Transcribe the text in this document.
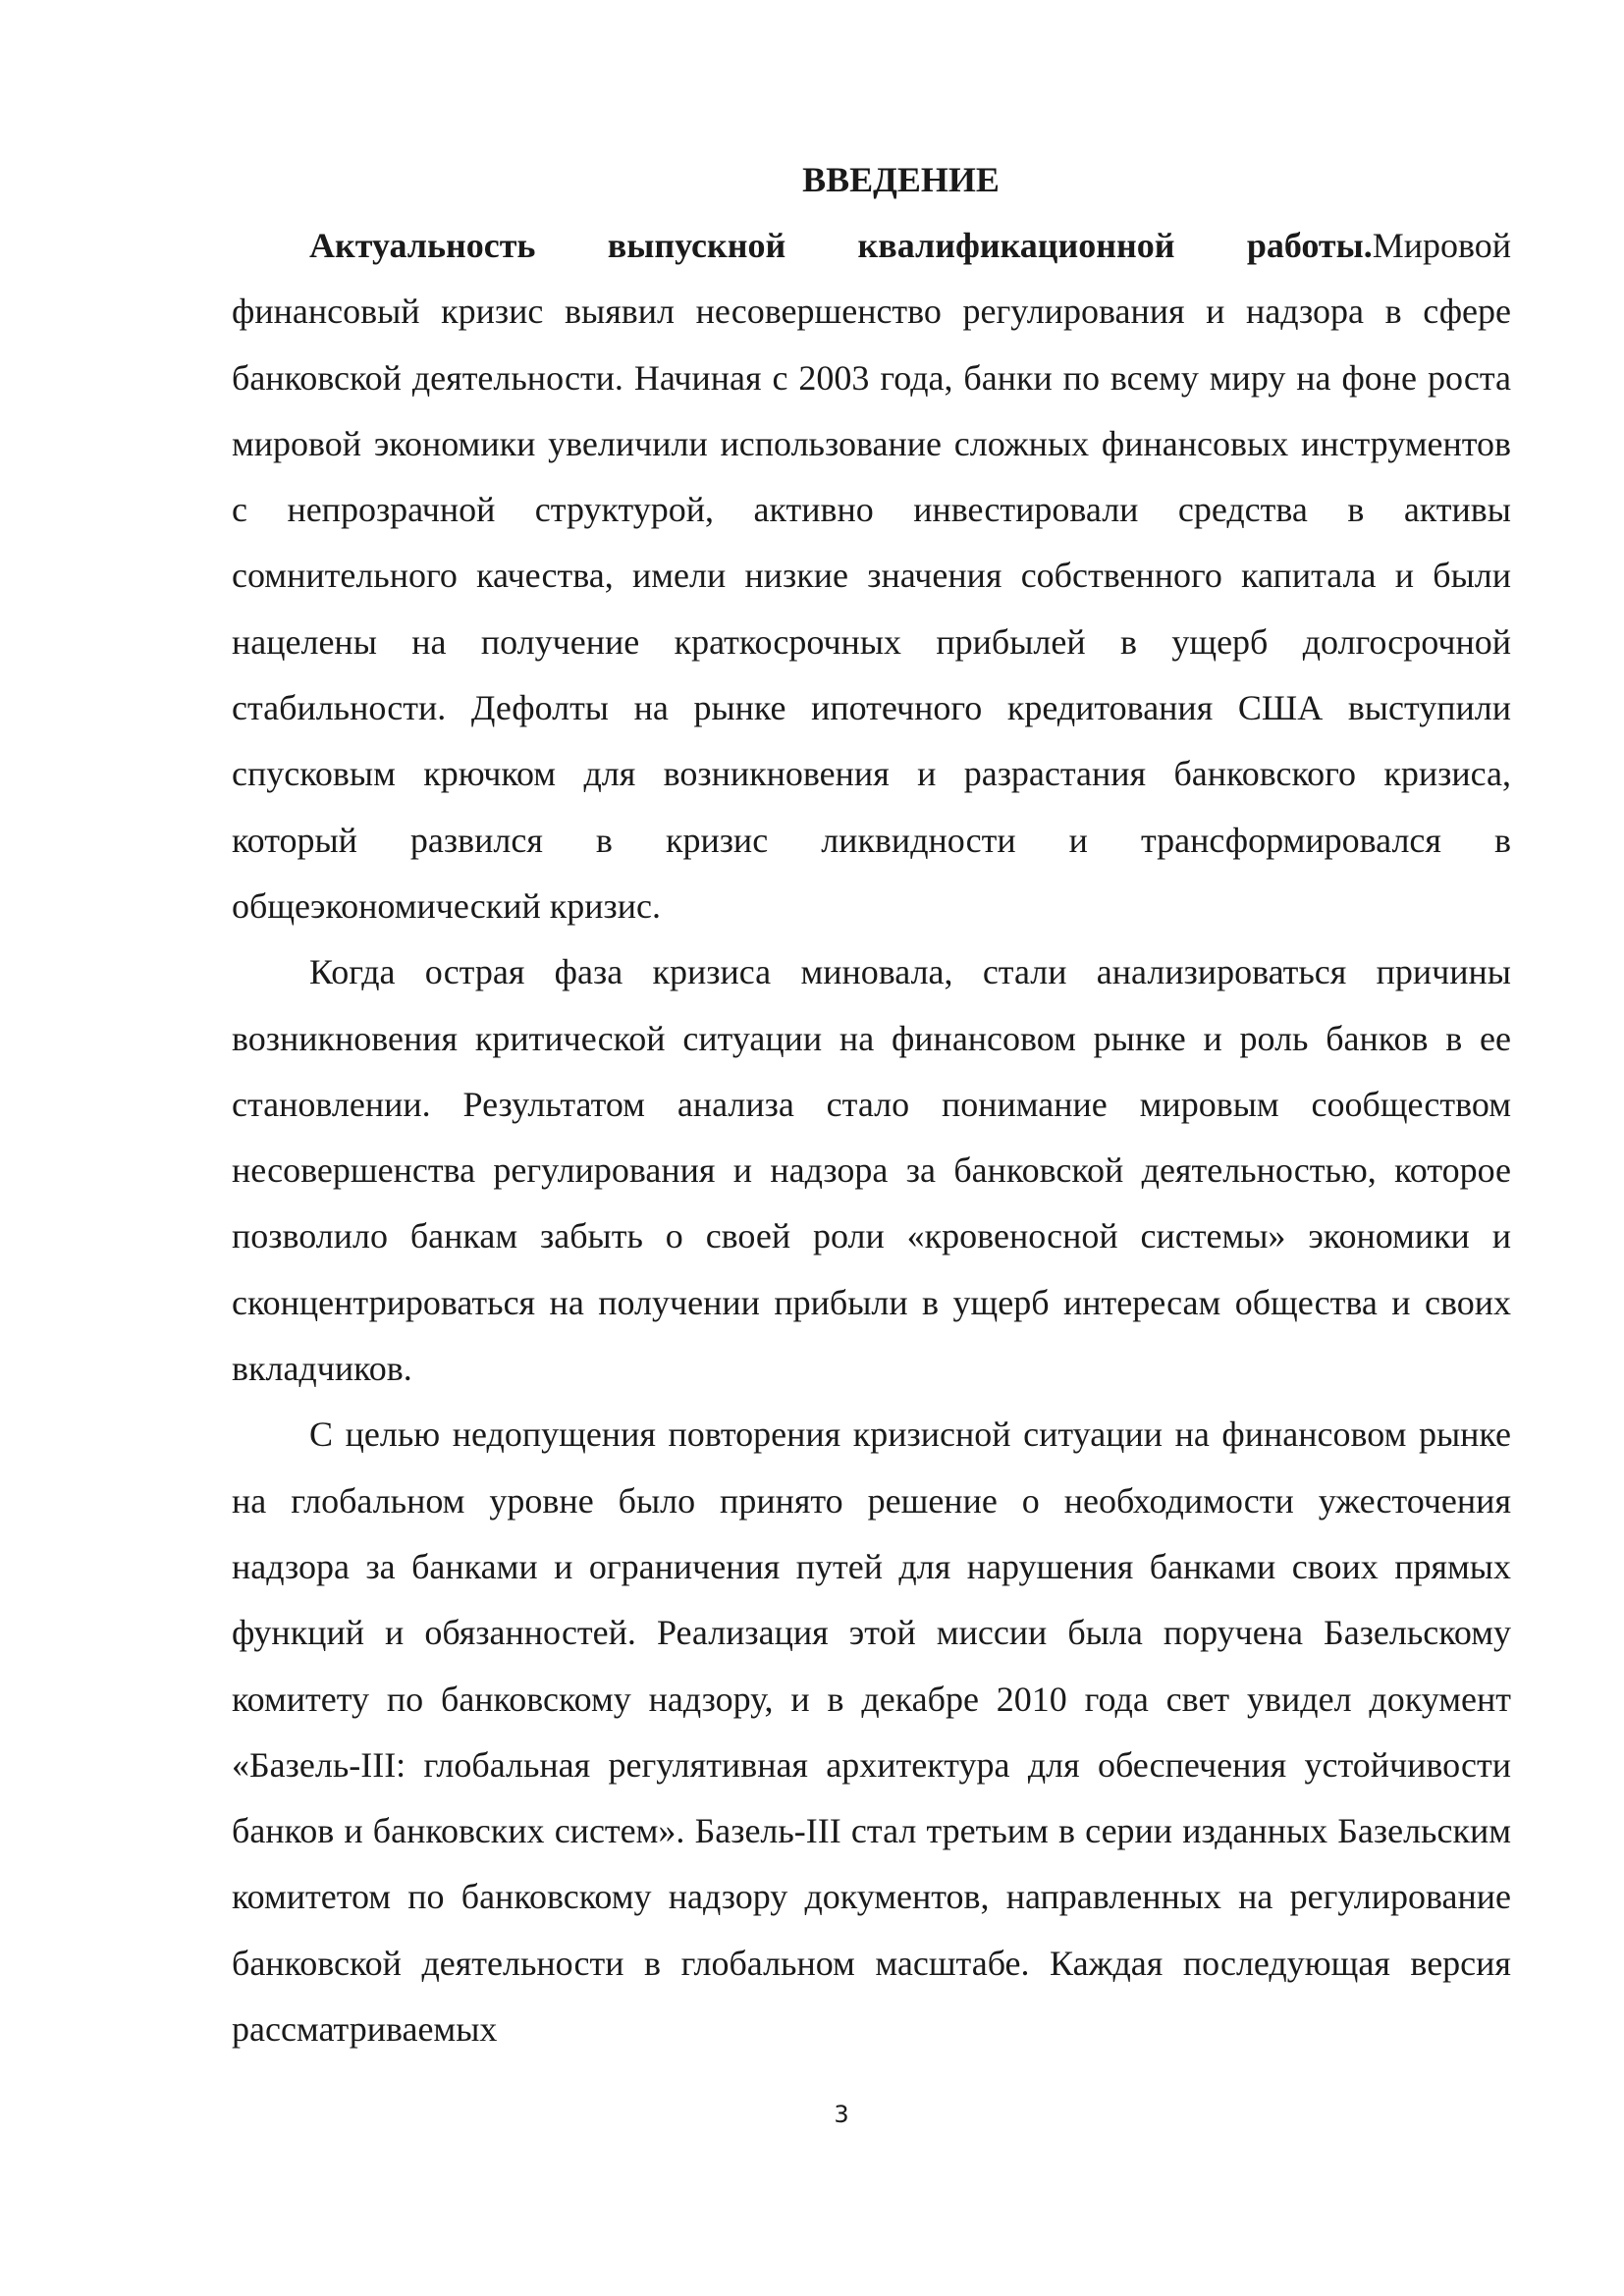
ВВЕДЕНИЕ

Актуальность выпускной квалификационной работы.Мировой финансовый кризис выявил несовершенство регулирования и надзора в сфере банковской деятельности. Начиная с 2003 года, банки по всему миру на фоне роста мировой экономики увеличили использование сложных финансовых инструментов с непрозрачной структурой, активно инвестировали средства в активы сомнительного качества, имели низкие значения собственного капитала и были нацелены на получение краткосрочных прибылей в ущерб долгосрочной стабильности. Дефолты на рынке ипотечного кредитования США выступили спусковым крючком для возникновения и разрастания банковского кризиса, который развился в кризис ликвидности и трансформировался в общеэкономический кризис.

Когда острая фаза кризиса миновала, стали анализироваться причины возникновения критической ситуации на финансовом рынке и роль банков в ее становлении. Результатом анализа стало понимание мировым сообществом несовершенства регулирования и надзора за банковской деятельностью, которое позволило банкам забыть о своей роли «кровеносной системы» экономики и сконцентрироваться на получении прибыли в ущерб интересам общества и своих вкладчиков.

С целью недопущения повторения кризисной ситуации на финансовом рынке на глобальном уровне было принято решение о необходимости ужесточения надзора за банками и ограничения путей для нарушения банками своих прямых функций и обязанностей. Реализация этой миссии была поручена Базельскому комитету по банковскому надзору, и в декабре 2010 года свет увидел документ «Базель-III: глобальная регулятивная архитектура для обеспечения устойчивости банков и банковских систем». Базель-III стал третьим в серии изданных Базельским комитетом по банковскому надзору документов, направленных на регулирование банковской деятельности в глобальном масштабе. Каждая последующая версия рассматриваемых

3
